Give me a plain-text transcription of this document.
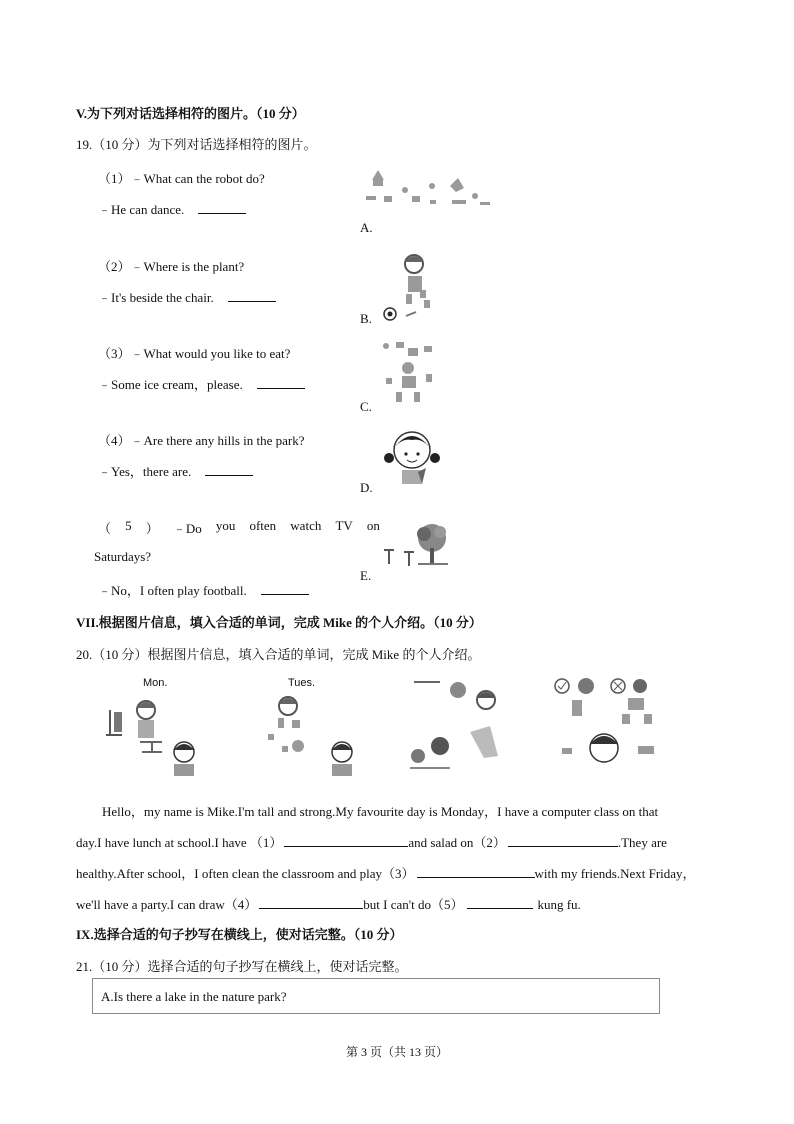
V.为下列对话选择相符的图片。（10 分）
19.（10 分）为下列对话选择相符的图片。
（1）﹣What can the robot do?
﹣He can dance.
（2）﹣Where is the plant?
﹣It's beside the chair.
（3）﹣What would you like to eat?
﹣Some ice cream，please.
（4）﹣Are there any hills in the park?
﹣Yes，there are.
（ 5 ） ﹣Do you often watch TV on
Saturdays?
﹣No，I often play football.
A.
B.
C.
D.
E.
VII.根据图片信息，填入合适的单词，完成 Mike 的个人介绍。（10 分）
20.（10 分）根据图片信息，填入合适的单词，完成 Mike 的个人介绍。
Mon.	Tues.
Hello，my name is Mike.I'm tall and strong.My favourite day is Monday，I have a computer class on that
day.I have lunch at school.I have （1）	and salad on（2）	.They are
healthy.After school，I often clean the classroom and play（3）	with my friends.Next Friday，
we'll have a party.I can draw（4）	but I can't do（5）	kung fu.
IX.选择合适的句子抄写在横线上，使对话完整。（10 分）
21.（10 分）选择合适的句子抄写在横线上，使对话完整。
A.Is there a lake in the nature park?
第 3 页（共 13 页）
